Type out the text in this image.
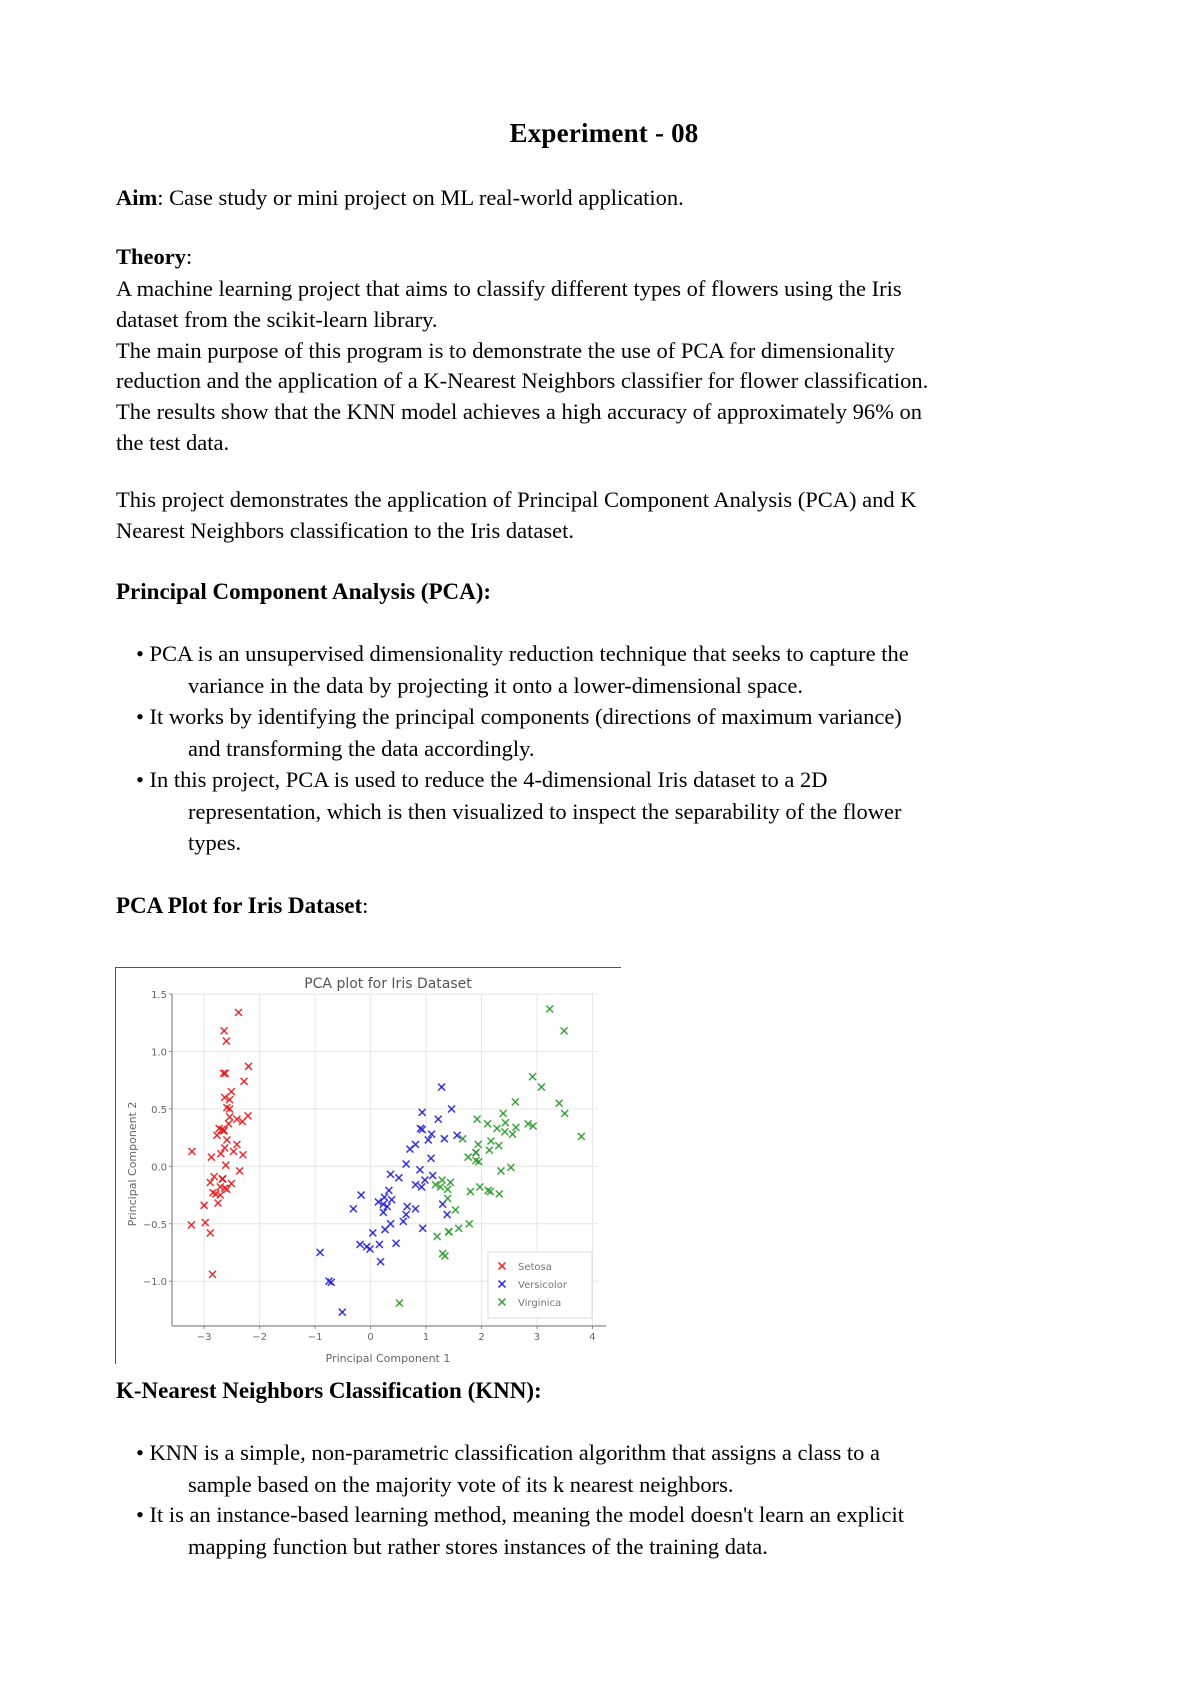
Experiment - 08
Aim: Case study or mini project on ML real-world application.
Theory:
A machine learning project that aims to classify different types of flowers using the Iris
dataset from the scikit-learn library.
The main purpose of this program is to demonstrate the use of PCA for dimensionality
reduction and the application of a K-Nearest Neighbors classifier for flower classification.
The results show that the KNN model achieves a high accuracy of approximately 96% on
the test data.
This project demonstrates the application of Principal Component Analysis (PCA) and K
Nearest Neighbors classification to the Iris dataset.
Principal Component Analysis (PCA):
• PCA is an unsupervised dimensionality reduction technique that seeks to capture the
variance in the data by projecting it onto a lower-dimensional space.
• It works by identifying the principal components (directions of maximum variance)
and transforming the data accordingly.
• In this project, PCA is used to reduce the 4-dimensional Iris dataset to a 2D
representation, which is then visualized to inspect the separability of the flower
types.
PCA Plot for Iris Dataset:
−3	−2	−1	0	1	2	3	4
−1.0
−0.5
0.0
0.5
1.0
1.5
PCA plot for Iris Dataset
Principal Component 1
Principal Component 2
Setosa
Versicolor
Virginica
K-Nearest Neighbors Classification (KNN):
• KNN is a simple, non-parametric classification algorithm that assigns a class to a
sample based on the majority vote of its k nearest neighbors.
• It is an instance-based learning method, meaning the model doesn't learn an explicit
mapping function but rather stores instances of the training data.
